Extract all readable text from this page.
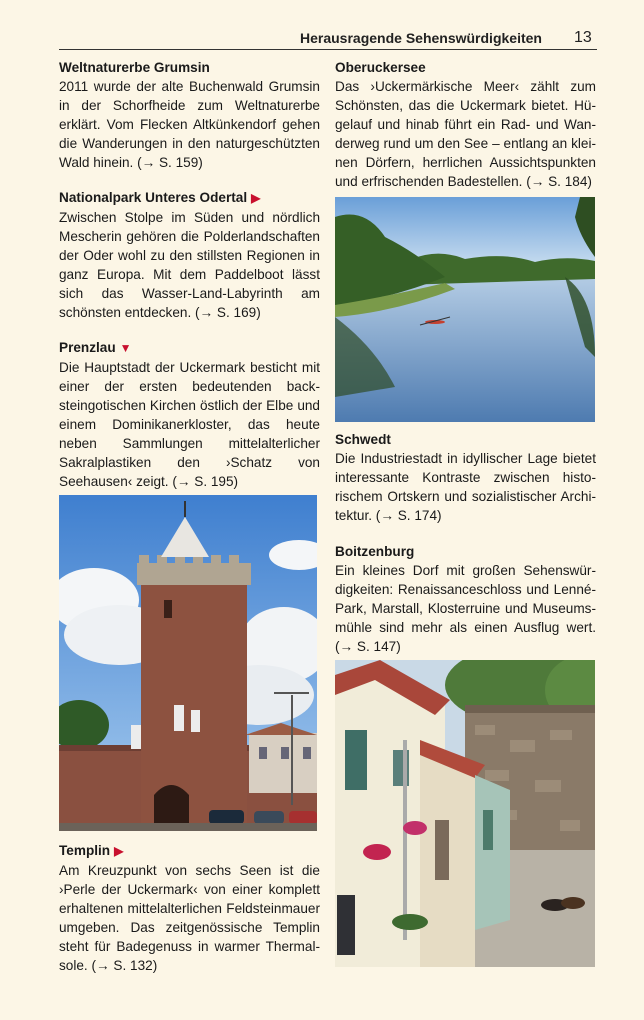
Herausragende Sehenswürdigkeiten 13
Weltnaturerbe Grumsin
2011 wurde der alte Buchenwald Grumsin in der Schorfheide zum Weltnaturerbe erklärt. Vom Flecken Altkünkendorf gehen die Wanderungen in den naturgeschützten Wald hinein. (→ S. 159)
Nationalpark Unteres Odertal ▶
Zwischen Stolpe im Süden und nördlich Mescherin gehören die Polderlandschaften der Oder wohl zu den stillsten Regionen in ganz Europa. Mit dem Paddelboot lässt sich das Wasser-Land-Labyrinth am schönsten entdecken. (→ S. 169)
Prenzlau ▼
Die Hauptstadt der Uckermark besticht mit einer der ersten bedeutenden backsteingotischen Kirchen östlich der Elbe und einem Dominikanerkloster, das heute neben Sammlungen mittelalterlicher Sakralplastiken den ›Schatz von Seehausen‹ zeigt. (→ S. 195)
Templin ▶
Am Kreuzpunkt von sechs Seen ist die ›Perle der Uckermark‹ von einer komplett erhaltenen mittelalterlichen Feldsteinmauer umgeben. Das zeitgenössische Templin steht für Badegenuss in warmer Thermalsole. (→ S. 132)
Oberuckersee
Das ›Uckermärkische Meer‹ zählt zum Schönsten, das die Uckermark bietet. Hügelauf und hinab führt ein Rad- und Wanderweg rund um den See – entlang an kleinen Dörfern, herrlichen Aussichtspunkten und erfrischenden Badestellen. (→ S. 184)
Schwedt
Die Industriestadt in idyllischer Lage bietet interessante Kontraste zwischen historischem Ortskern und sozialistischer Architektur. (→ S. 174)
Boitzenburg
Ein kleines Dorf mit großen Sehenswürdigkeiten: Renaissanceschloss und Lenné-Park, Marstall, Klosterruine und Museumsmühle sind mehr als einen Ausflug wert. (→ S. 147)
